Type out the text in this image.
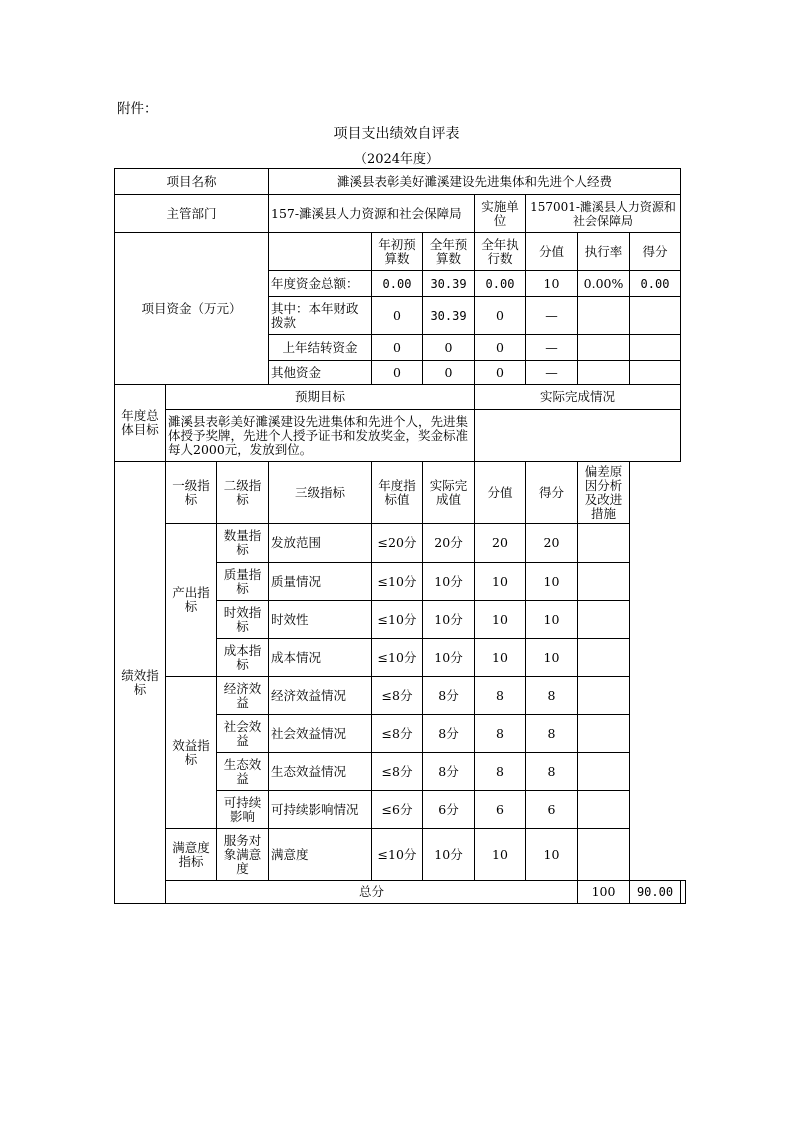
附件：
项目支出绩效自评表
（2024年度）
项目名称			濉溪县表彰美好濉溪建设先进集体和先进个人经费							
主管部门			157-濉溪县人力资源和社会保障局			实施单位	157001-濉溪县人力资源和社会保障局			
项目资金（万元）				年初预算数	全年预算数	全年执行数	分值	执行率	得分	
			年度资金总额：	0.00	30.39	0.00	10	0.00%	0.00	
			其中：本年财政拨款	0	30.39	0	—			
			上年结转资金	0	0	0	—			
			其他资金	0	0	0	—			
年度总体目标	预期目标					实际完成情况				
	濉溪县表彰美好濉溪建设先进集体和先进个人，先进集体授予奖牌，先进个人授予证书和发放奖金，奖金标准每人2000元，发放到位。									
绩效指标	一级指标	二级指标	三级指标	年度指标值	实际完成值	分值	得分	偏差原因分析及改进措施		
	产出指标	数量指标	发放范围	≤20分	20分	20	20			
		质量指标	质量情况	≤10分	10分	10	10			
		时效指标	时效性	≤10分	10分	10	10			
		成本指标	成本情况	≤10分	10分	10	10			
	效益指标	经济效益	经济效益情况	≤8分	8分	8	8			
		社会效益	社会效益情况	≤8分	8分	8	8			
		生态效益	生态效益情况	≤8分	8分	8	8			
		可持续影响	可持续影响情况	≤6分	6分	6	6			
	满意度指标	服务对象满意度	满意度	≤10分	10分	10	10			
	总分							100	90.00	
